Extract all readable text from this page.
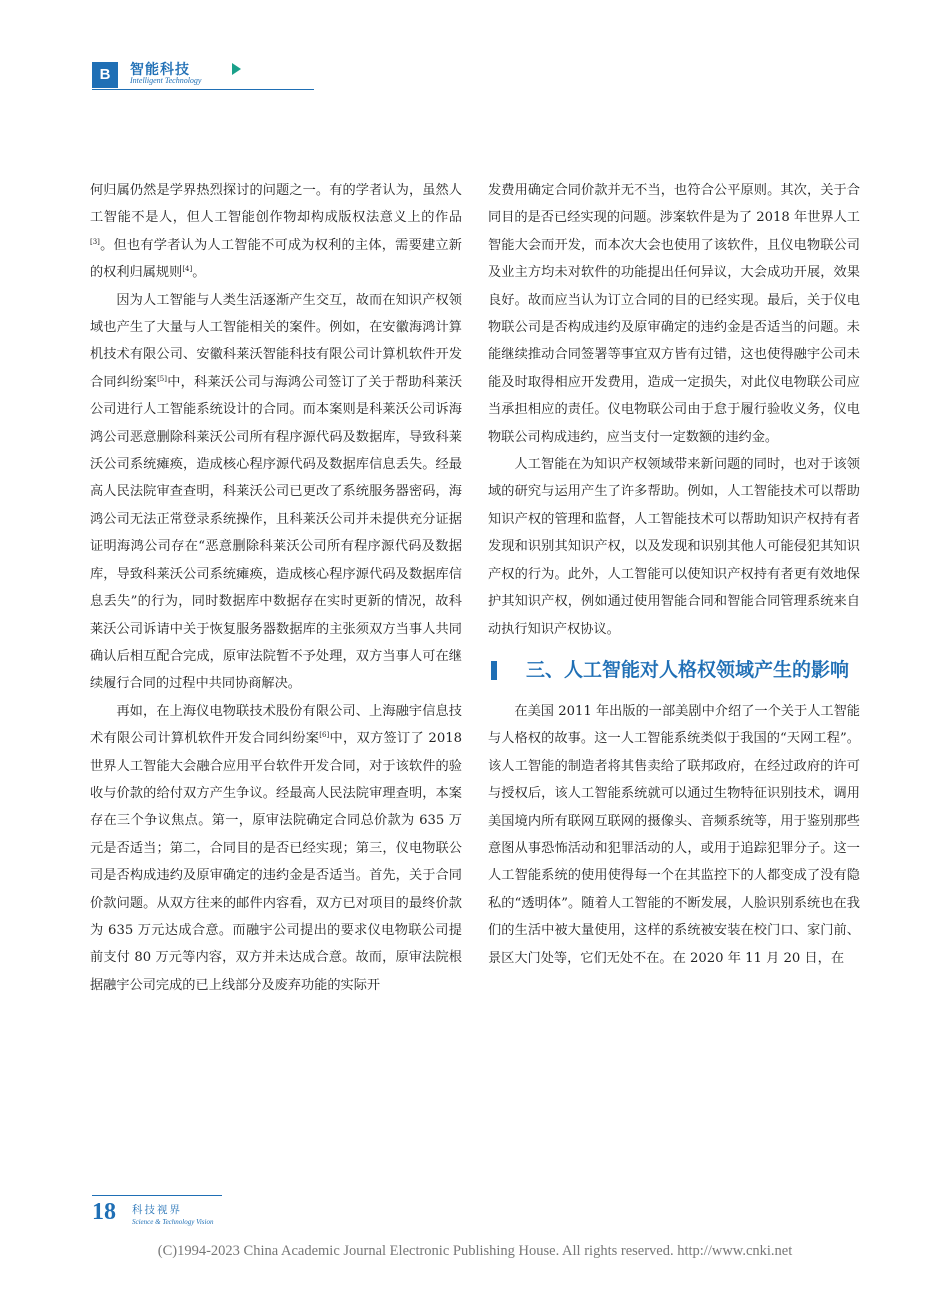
B	智能科技
Intelligent Technology

何归属仍然是学界热烈探讨的问题之一。有的学者认为，虽然人工智能不是人，但人工智能创作物却构成版权法意义上的作品[3]。但也有学者认为人工智能不可成为权利的主体，需要建立新的权利归属规则[4]。

因为人工智能与人类生活逐渐产生交互，故而在知识产权领域也产生了大量与人工智能相关的案件。例如，在安徽海鸿计算机技术有限公司、安徽科莱沃智能科技有限公司计算机软件开发合同纠纷案[5]中，科莱沃公司与海鸿公司签订了关于帮助科莱沃公司进行人工智能系统设计的合同。而本案则是科莱沃公司诉海鸿公司恶意删除科莱沃公司所有程序源代码及数据库，导致科莱沃公司系统瘫痪，造成核心程序源代码及数据库信息丢失。经最高人民法院审查查明，科莱沃公司已更改了系统服务器密码，海鸿公司无法正常登录系统操作，且科莱沃公司并未提供充分证据证明海鸿公司存在“恶意删除科莱沃公司所有程序源代码及数据库，导致科莱沃公司系统瘫痪，造成核心程序源代码及数据库信息丢失”的行为，同时数据库中数据存在实时更新的情况，故科莱沃公司诉请中关于恢复服务器数据库的主张须双方当事人共同确认后相互配合完成，原审法院暂不予处理，双方当事人可在继续履行合同的过程中共同协商解决。

再如，在上海仪电物联技术股份有限公司、上海融宇信息技术有限公司计算机软件开发合同纠纷案[6]中，双方签订了 2018 世界人工智能大会融合应用平台软件开发合同，对于该软件的验收与价款的给付双方产生争议。经最高人民法院审理查明，本案存在三个争议焦点。第一，原审法院确定合同总价款为 635 万元是否适当；第二，合同目的是否已经实现；第三，仪电物联公司是否构成违约及原审确定的违约金是否适当。首先，关于合同价款问题。从双方往来的邮件内容看，双方已对项目的最终价款为 635 万元达成合意。而融宇公司提出的要求仪电物联公司提前支付 80 万元等内容，双方并未达成合意。故而，原审法院根据融宇公司完成的已上线部分及废弃功能的实际开

发费用确定合同价款并无不当，也符合公平原则。其次，关于合同目的是否已经实现的问题。涉案软件是为了 2018 年世界人工智能大会而开发，而本次大会也使用了该软件，且仪电物联公司及业主方均未对软件的功能提出任何异议，大会成功开展，效果良好。故而应当认为订立合同的目的已经实现。最后，关于仪电物联公司是否构成违约及原审确定的违约金是否适当的问题。未能继续推动合同签署等事宜双方皆有过错，这也使得融宇公司未能及时取得相应开发费用，造成一定损失，对此仪电物联公司应当承担相应的责任。仪电物联公司由于怠于履行验收义务，仪电物联公司构成违约，应当支付一定数额的违约金。

人工智能在为知识产权领域带来新问题的同时，也对于该领域的研究与运用产生了许多帮助。例如，人工智能技术可以帮助知识产权的管理和监督，人工智能技术可以帮助知识产权持有者发现和识别其知识产权，以及发现和识别其他人可能侵犯其知识产权的行为。此外，人工智能可以使知识产权持有者更有效地保护其知识产权，例如通过使用智能合同和智能合同管理系统来自动执行知识产权协议。

三、人工智能对人格权领域产生的影响

在美国 2011 年出版的一部美剧中介绍了一个关于人工智能与人格权的故事。这一人工智能系统类似于我国的“天网工程”。该人工智能的制造者将其售卖给了联邦政府，在经过政府的许可与授权后，该人工智能系统就可以通过生物特征识别技术，调用美国境内所有联网互联网的摄像头、音频系统等，用于鉴别那些意图从事恐怖活动和犯罪活动的人，或用于追踪犯罪分子。这一人工智能系统的使用使得每一个在其监控下的人都变成了没有隐私的“透明体”。随着人工智能的不断发展，人脸识别系统也在我们的生活中被大量使用，这样的系统被安装在校门口、家门前、景区大门处等，它们无处不在。在 2020 年 11 月 20 日，在

18 科技视界
Science & Technology Vision
(C)1994-2023 China Academic Journal Electronic Publishing House. All rights reserved. http://www.cnki.net
